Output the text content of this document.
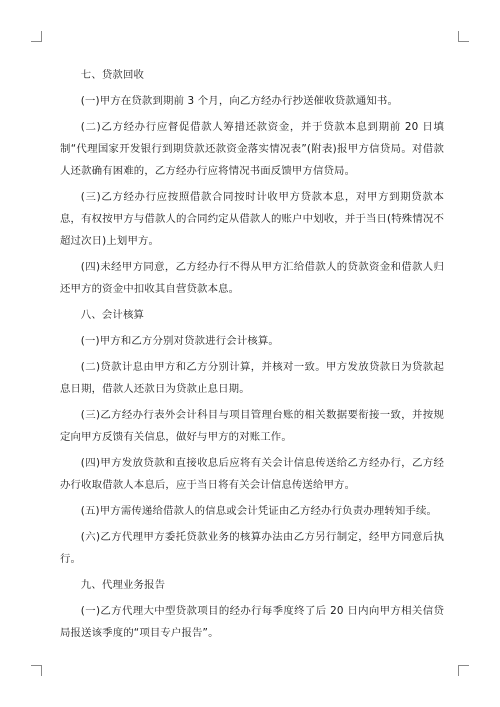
七、贷款回收

(一)甲方在贷款到期前 3 个月，向乙方经办行抄送催收贷款通知书。

(二)乙方经办行应督促借款人筹措还款资金，并于贷款本息到期前 20 日填制“代理国家开发银行到期贷款还款资金落实情况表”(附表)报甲方信贷局。对借款人还款确有困难的，乙方经办行应将情况书面反馈甲方信贷局。

(三)乙方经办行应按照借款合同按时计收甲方贷款本息，对甲方到期贷款本息，有权按甲方与借款人的合同约定从借款人的账户中划收，并于当日(特殊情况不超过次日)上划甲方。

(四)未经甲方同意，乙方经办行不得从甲方汇给借款人的贷款资金和借款人归还甲方的资金中扣收其自营贷款本息。

八、会计核算

(一)甲方和乙方分别对贷款进行会计核算。

(二)贷款计息由甲方和乙方分别计算，并核对一致。甲方发放贷款日为贷款起息日期，借款人还款日为贷款止息日期。

(三)乙方经办行表外会计科目与项目管理台账的相关数据要衔接一致，并按规定向甲方反馈有关信息，做好与甲方的对账工作。

(四)甲方发放贷款和直接收息后应将有关会计信息传送给乙方经办行，乙方经办行收取借款人本息后，应于当日将有关会计信息传送给甲方。

(五)甲方需传递给借款人的信息或会计凭证由乙方经办行负责办理转知手续。

(六)乙方代理甲方委托贷款业务的核算办法由乙方另行制定，经甲方同意后执行。

九、代理业务报告

(一)乙方代理大中型贷款项目的经办行每季度终了后 20 日内向甲方相关信贷局报送该季度的“项目专户报告”。
